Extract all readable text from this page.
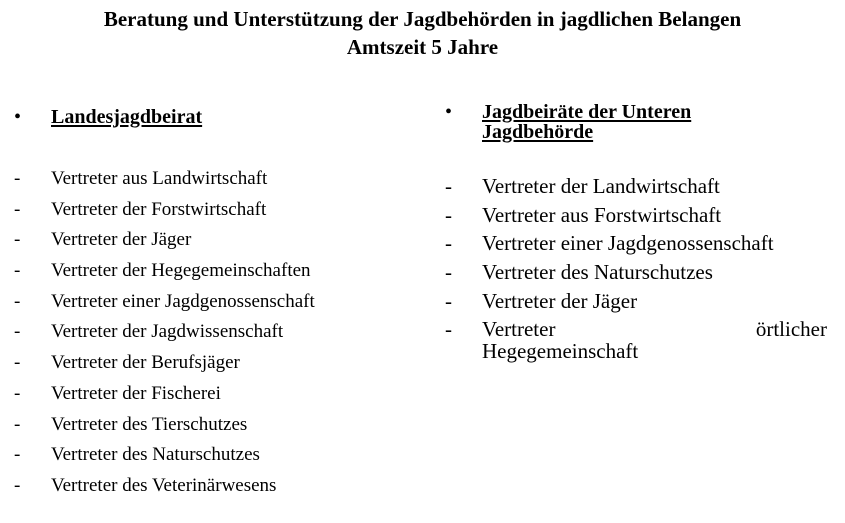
Beratung und Unterstützung der Jagdbehörden in jagdlichen Belangen
Amtszeit 5 Jahre
• Landesjagdbeirat	• Jagdbeiräte der Unteren
Jagdbehörde
- Vertreter aus Landwirtschaft
- Vertreter der Forstwirtschaft
- Vertreter der Jäger
- Vertreter der Hegegemeinschaften
- Vertreter einer Jagdgenossenschaft
- Vertreter der Jagdwissenschaft
- Vertreter der Berufsjäger
- Vertreter der Fischerei
- Vertreter des Tierschutzes
- Vertreter des Naturschutzes
- Vertreter des Veterinärwesens
- Vertreter der Landwirtschaft
- Vertreter aus Forstwirtschaft
- Vertreter einer Jagdgenossenschaft
- Vertreter des Naturschutzes
- Vertreter der Jäger
- Vertreter	örtlicher
Hegegemeinschaft
